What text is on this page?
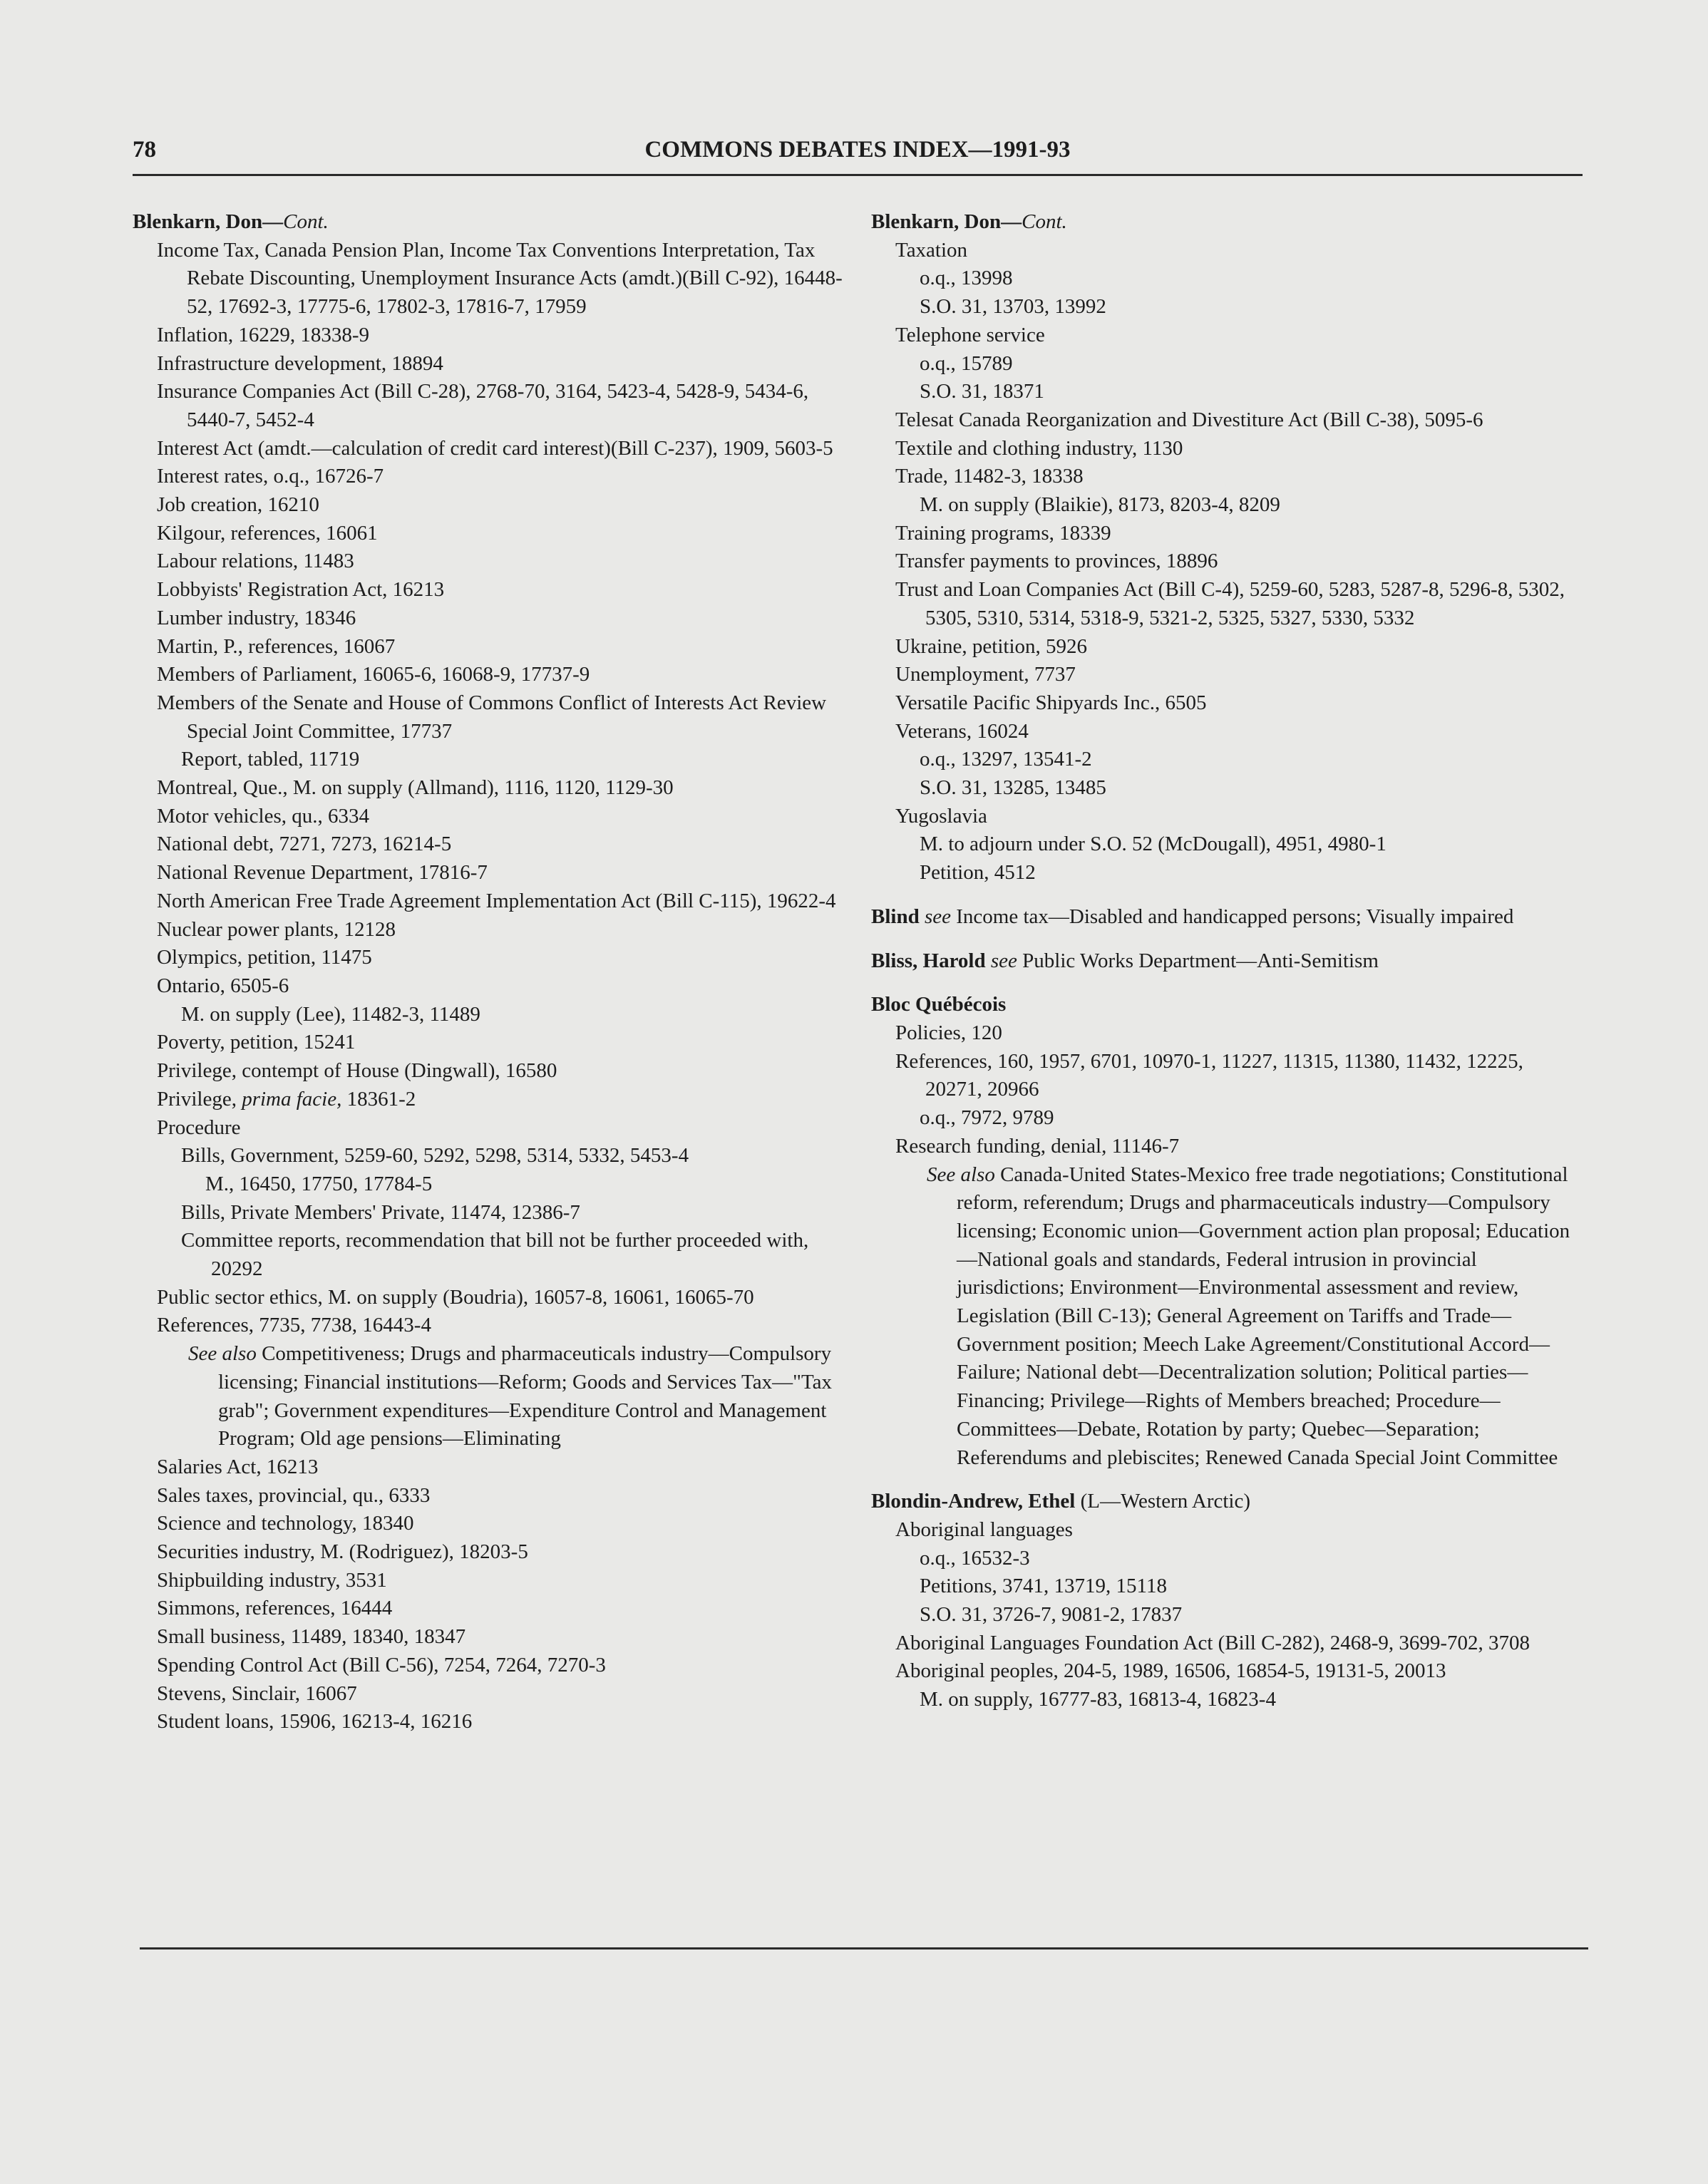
78	COMMONS DEBATES INDEX—1991-93

Blenkarn, Don—Cont.

Income Tax, Canada Pension Plan, Income Tax Conventions Interpretation, Tax Rebate Discounting, Unemployment Insurance Acts (amdt.)(Bill C-92), 16448-52, 17692-3, 17775-6, 17802-3, 17816-7, 17959

Inflation, 16229, 18338-9

Infrastructure development, 18894

Insurance Companies Act (Bill C-28), 2768-70, 3164, 5423-4, 5428-9, 5434-6, 5440-7, 5452-4

Interest Act (amdt.—calculation of credit card interest)(Bill C-237), 1909, 5603-5

Interest rates, o.q., 16726-7

Job creation, 16210

Kilgour, references, 16061

Labour relations, 11483

Lobbyists' Registration Act, 16213

Lumber industry, 18346

Martin, P., references, 16067

Members of Parliament, 16065-6, 16068-9, 17737-9

Members of the Senate and House of Commons Conflict of Interests Act Review Special Joint Committee, 17737

Report, tabled, 11719

Montreal, Que., M. on supply (Allmand), 1116, 1120, 1129-30

Motor vehicles, qu., 6334

National debt, 7271, 7273, 16214-5

National Revenue Department, 17816-7

North American Free Trade Agreement Implementation Act (Bill C-115), 19622-4

Nuclear power plants, 12128

Olympics, petition, 11475

Ontario, 6505-6

M. on supply (Lee), 11482-3, 11489

Poverty, petition, 15241

Privilege, contempt of House (Dingwall), 16580

Privilege, prima facie, 18361-2

Procedure

Bills, Government, 5259-60, 5292, 5298, 5314, 5332, 5453-4

M., 16450, 17750, 17784-5

Bills, Private Members' Private, 11474, 12386-7

Committee reports, recommendation that bill not be further proceeded with, 20292

Public sector ethics, M. on supply (Boudria), 16057-8, 16061, 16065-70

References, 7735, 7738, 16443-4

See also Competitiveness; Drugs and pharmaceuticals industry—Compulsory licensing; Financial institutions—Reform; Goods and Services Tax—"Tax grab"; Government expenditures—Expenditure Control and Management Program; Old age pensions—Eliminating

Salaries Act, 16213

Sales taxes, provincial, qu., 6333

Science and technology, 18340

Securities industry, M. (Rodriguez), 18203-5

Shipbuilding industry, 3531

Simmons, references, 16444

Small business, 11489, 18340, 18347

Spending Control Act (Bill C-56), 7254, 7264, 7270-3

Stevens, Sinclair, 16067

Student loans, 15906, 16213-4, 16216

Blenkarn, Don—Cont.

Taxation

o.q., 13998

S.O. 31, 13703, 13992

Telephone service

o.q., 15789

S.O. 31, 18371

Telesat Canada Reorganization and Divestiture Act (Bill C-38), 5095-6

Textile and clothing industry, 1130

Trade, 11482-3, 18338

M. on supply (Blaikie), 8173, 8203-4, 8209

Training programs, 18339

Transfer payments to provinces, 18896

Trust and Loan Companies Act (Bill C-4), 5259-60, 5283, 5287-8, 5296-8, 5302, 5305, 5310, 5314, 5318-9, 5321-2, 5325, 5327, 5330, 5332

Ukraine, petition, 5926

Unemployment, 7737

Versatile Pacific Shipyards Inc., 6505

Veterans, 16024

o.q., 13297, 13541-2

S.O. 31, 13285, 13485

Yugoslavia

M. to adjourn under S.O. 52 (McDougall), 4951, 4980-1

Petition, 4512

Blind see Income tax—Disabled and handicapped persons; Visually impaired

Bliss, Harold see Public Works Department—Anti-Semitism

Bloc Québécois

Policies, 120

References, 160, 1957, 6701, 10970-1, 11227, 11315, 11380, 11432, 12225, 20271, 20966

o.q., 7972, 9789

Research funding, denial, 11146-7

See also Canada-United States-Mexico free trade negotiations; Constitutional reform, referendum; Drugs and pharmaceuticals industry—Compulsory licensing; Economic union—Government action plan proposal; Education—National goals and standards, Federal intrusion in provincial jurisdictions; Environment—Environmental assessment and review, Legislation (Bill C-13); General Agreement on Tariffs and Trade—Government position; Meech Lake Agreement/Constitutional Accord—Failure; National debt—Decentralization solution; Political parties—Financing; Privilege—Rights of Members breached; Procedure—Committees—Debate, Rotation by party; Quebec—Separation; Referendums and plebiscites; Renewed Canada Special Joint Committee

Blondin-Andrew, Ethel (L—Western Arctic)

Aboriginal languages

o.q., 16532-3

Petitions, 3741, 13719, 15118

S.O. 31, 3726-7, 9081-2, 17837

Aboriginal Languages Foundation Act (Bill C-282), 2468-9, 3699-702, 3708

Aboriginal peoples, 204-5, 1989, 16506, 16854-5, 19131-5, 20013

M. on supply, 16777-83, 16813-4, 16823-4
